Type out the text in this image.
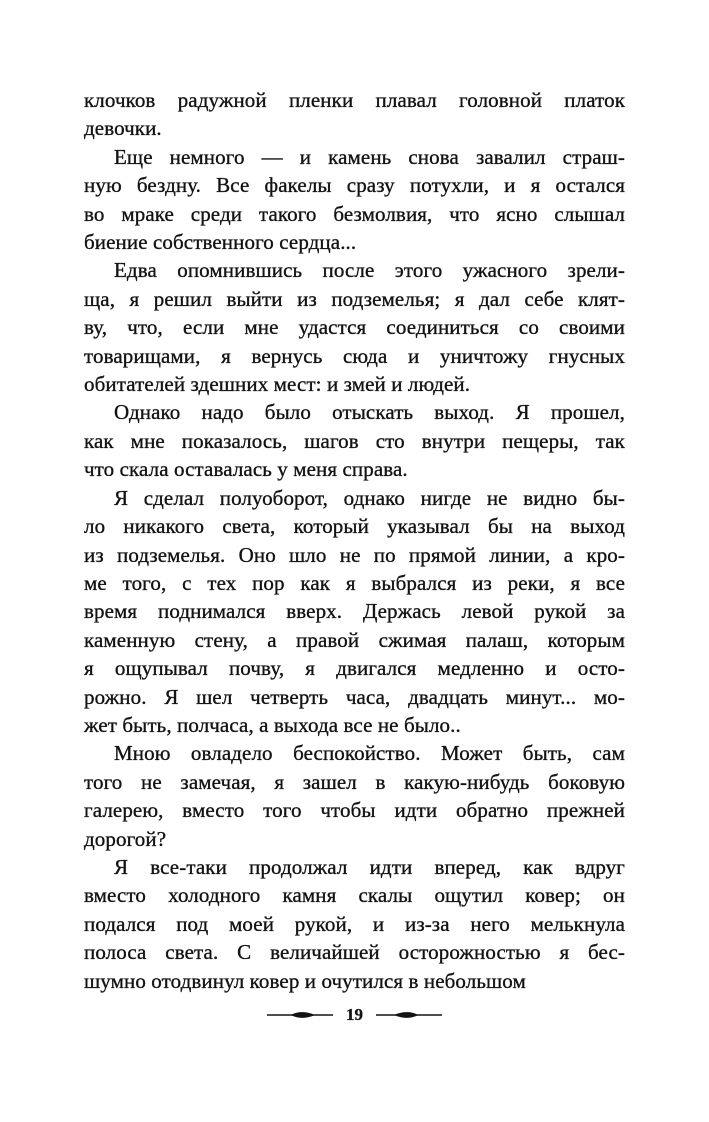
клочков радужной пленки плавал головной платок
девочки.

Еще немного — и камень снова завалил страш-
ную бездну. Все факелы сразу потухли, и я остался
во мраке среди такого безмолвия, что ясно слышал
биение собственного сердца...

Едва опомнившись после этого ужасного зрели-
ща, я решил выйти из подземелья; я дал себе клят-
ву, что, если мне удастся соединиться со своими
товарищами, я вернусь сюда и уничтожу гнусных
обитателей здешних мест: и змей и людей.

Однако надо было отыскать выход. Я прошел,
как мне показалось, шагов сто внутри пещеры, так
что скала оставалась у меня справа.

Я сделал полуоборот, однако нигде не видно бы-
ло никакого света, который указывал бы на выход
из подземелья. Оно шло не по прямой линии, а кро-
ме того, с тех пор как я выбрался из реки, я все
время поднимался вверх. Держась левой рукой за
каменную стену, а правой сжимая палаш, которым
я ощупывал почву, я двигался медленно и осто-
рожно. Я шел четверть часа, двадцать минут... мо-
жет быть, полчаса, а выхода все не было..

Мною овладело беспокойство. Может быть, сам
того не замечая, я зашел в какую-нибудь боковую
галерею, вместо того чтобы идти обратно прежней
дорогой?

Я все-таки продолжал идти вперед, как вдруг
вместо холодного камня скалы ощутил ковер; он
подался под моей рукой, и из-за него мелькнула
полоса света. С величайшей осторожностью я бес-
шумно отодвинул ковер и очутился в небольшом

19
